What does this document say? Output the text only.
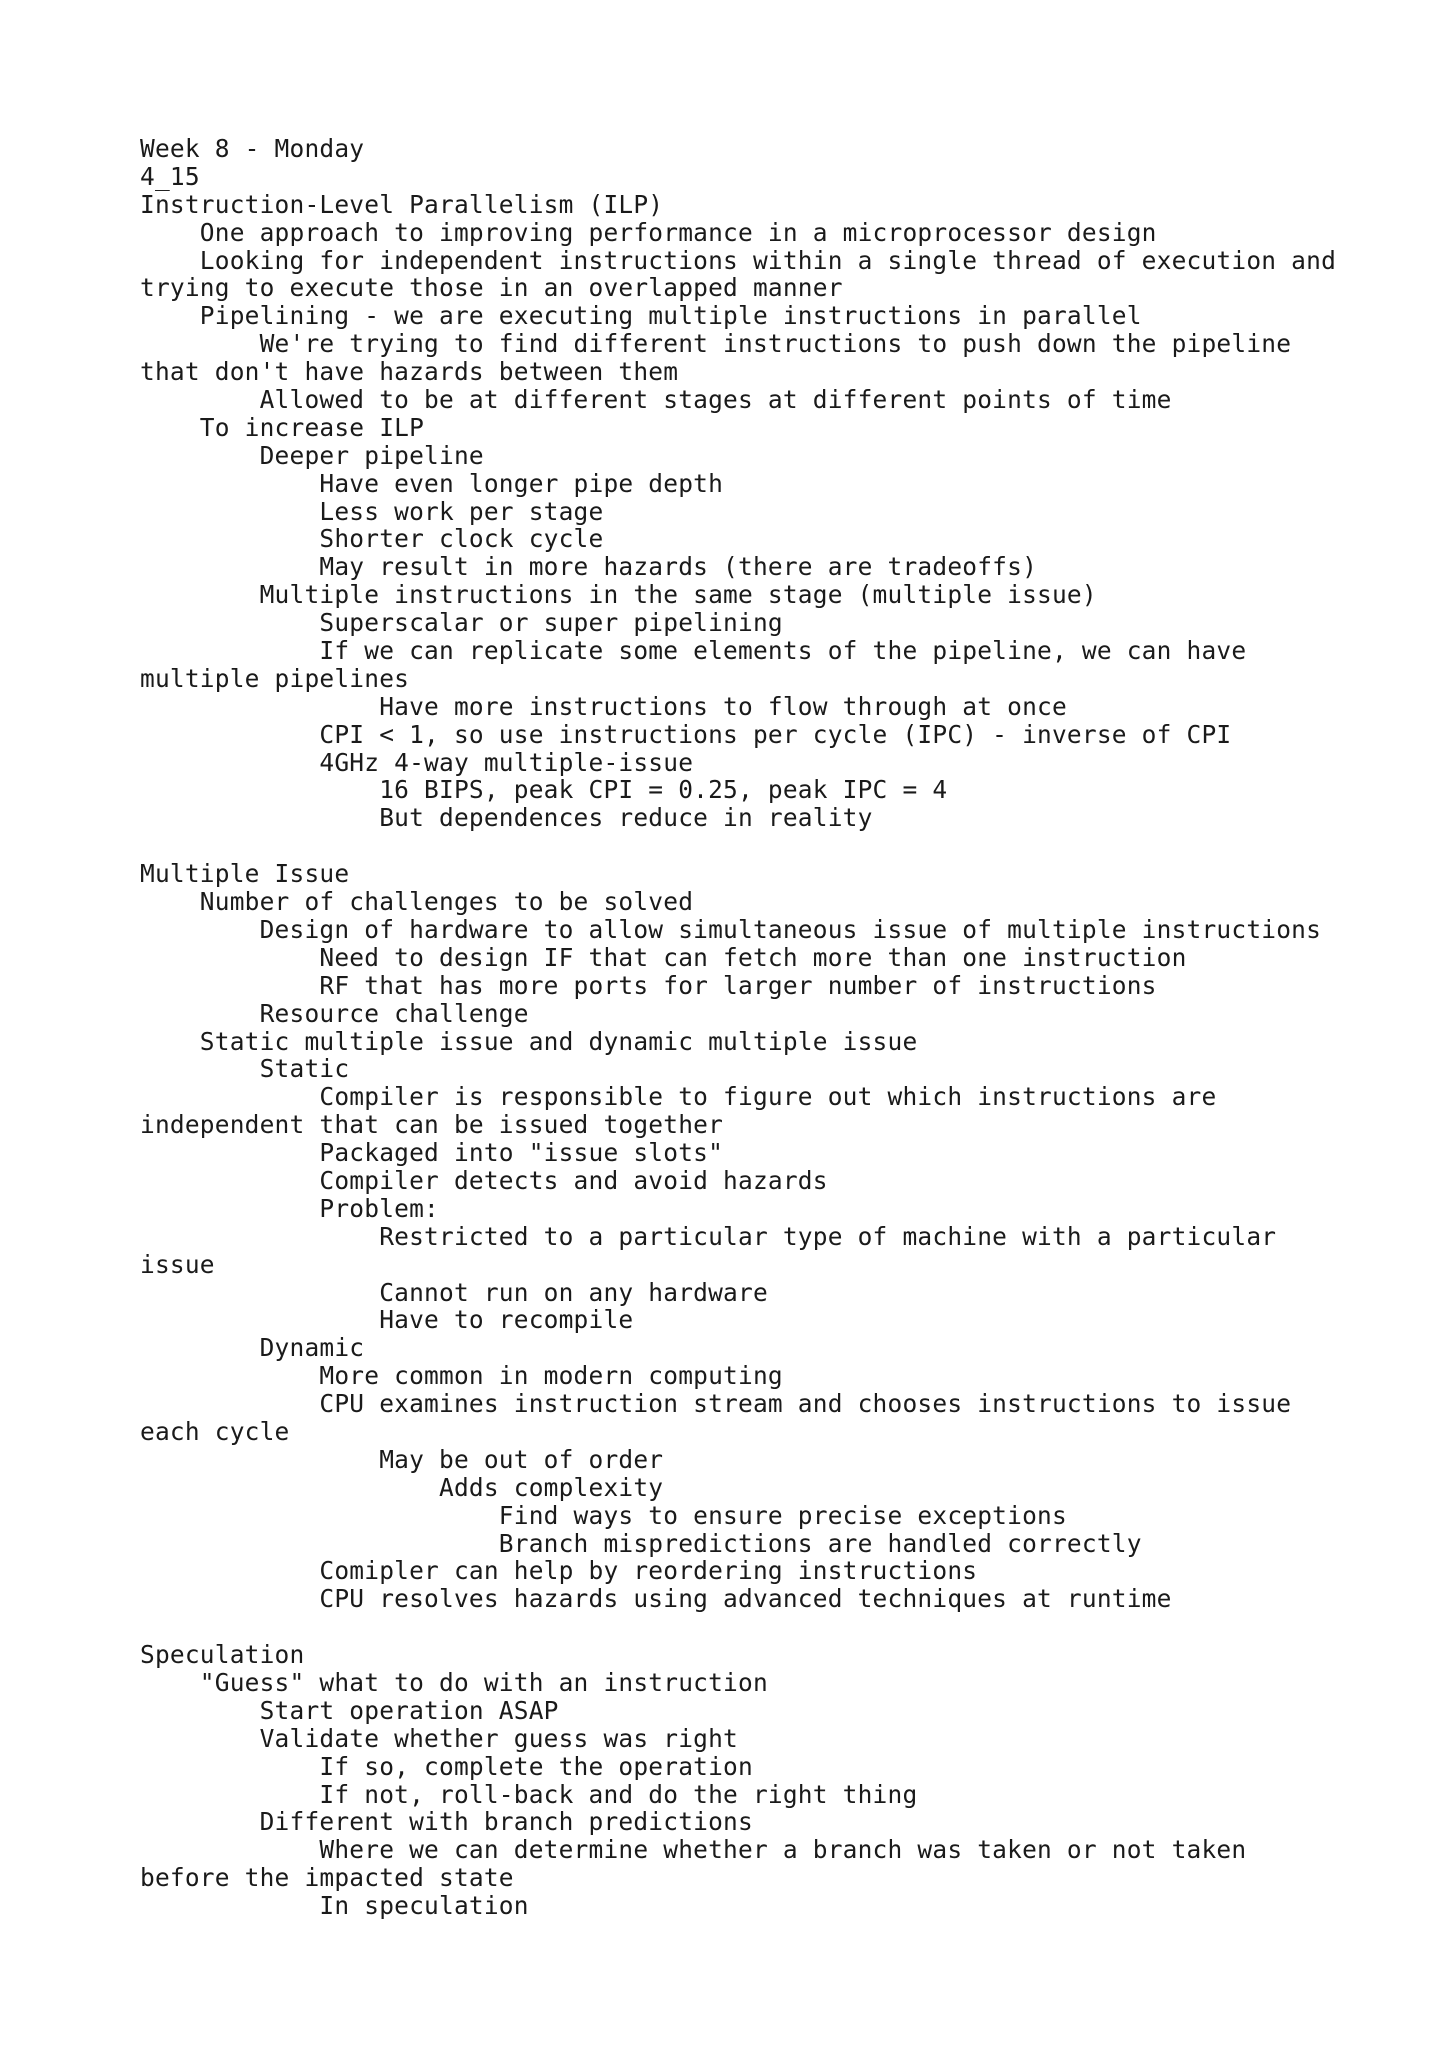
Week 8 - Monday
4_15
Instruction-Level Parallelism (ILP)
One approach to improving performance in a microprocessor design
Looking for independent instructions within a single thread of execution and
trying to execute those in an overlapped manner
Pipelining - we are executing multiple instructions in parallel
We're trying to find different instructions to push down the pipeline
that don't have hazards between them
Allowed to be at different stages at different points of time
To increase ILP
Deeper pipeline
Have even longer pipe depth
Less work per stage
Shorter clock cycle
May result in more hazards (there are tradeoffs)
Multiple instructions in the same stage (multiple issue)
Superscalar or super pipelining
If we can replicate some elements of the pipeline, we can have
multiple pipelines
Have more instructions to flow through at once
CPI < 1, so use instructions per cycle (IPC) - inverse of CPI
4GHz 4-way multiple-issue
16 BIPS, peak CPI = 0.25, peak IPC = 4
But dependences reduce in reality
Multiple Issue
Number of challenges to be solved
Design of hardware to allow simultaneous issue of multiple instructions
Need to design IF that can fetch more than one instruction
RF that has more ports for larger number of instructions
Resource challenge
Static multiple issue and dynamic multiple issue
Static
Compiler is responsible to figure out which instructions are
independent that can be issued together
Packaged into "issue slots"
Compiler detects and avoid hazards
Problem:
Restricted to a particular type of machine with a particular
issue
Cannot run on any hardware
Have to recompile
Dynamic
More common in modern computing
CPU examines instruction stream and chooses instructions to issue
each cycle
May be out of order
Adds complexity
Find ways to ensure precise exceptions
Branch mispredictions are handled correctly
Comipler can help by reordering instructions
CPU resolves hazards using advanced techniques at runtime
Speculation
"Guess" what to do with an instruction
Start operation ASAP
Validate whether guess was right
If so, complete the operation
If not, roll-back and do the right thing
Different with branch predictions
Where we can determine whether a branch was taken or not taken
before the impacted state
In speculation
